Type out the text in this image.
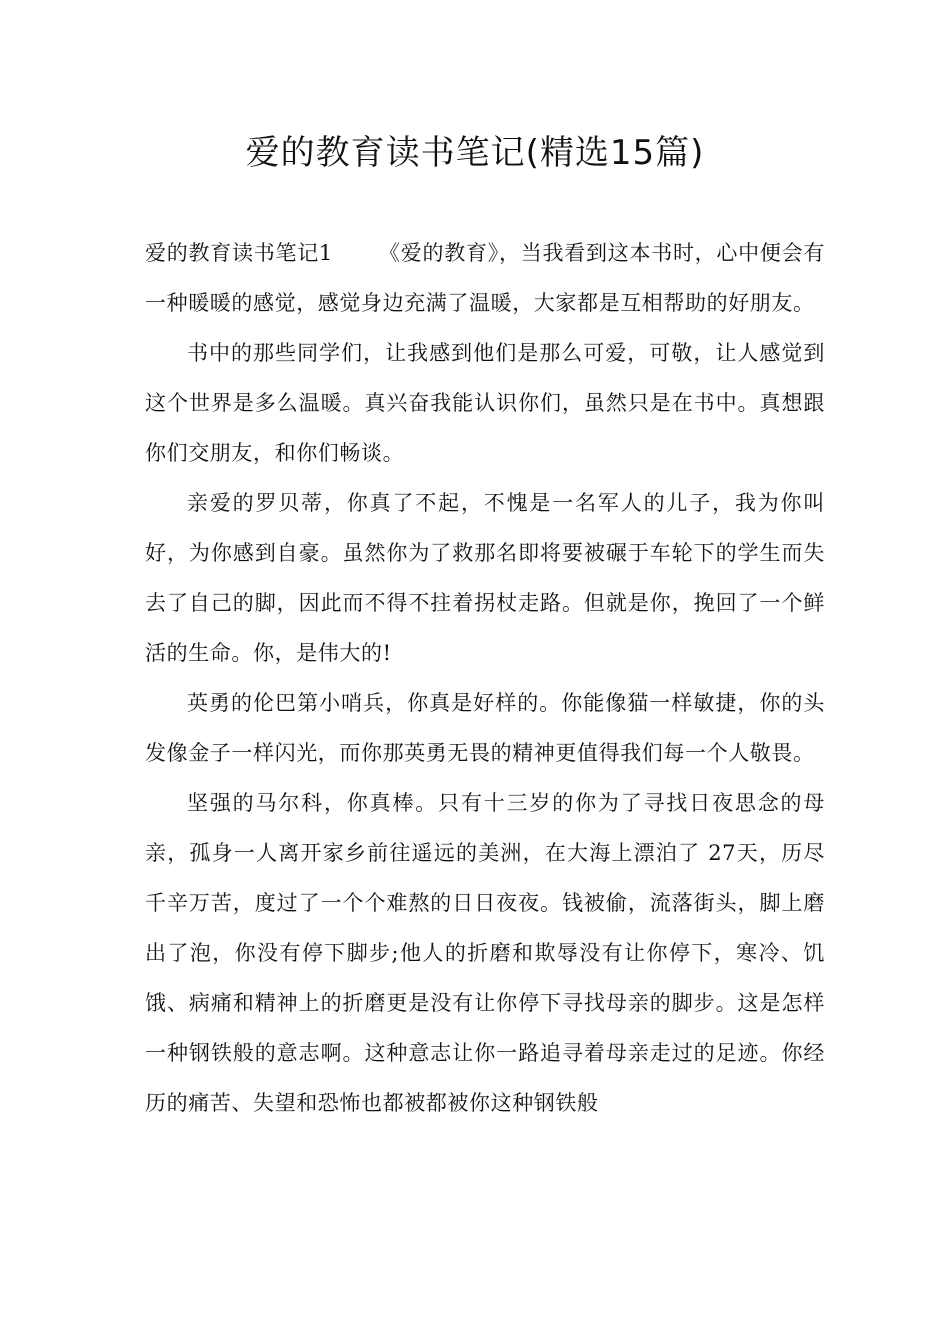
爱的教育读书笔记(精选15篇)

爱的教育读书笔记1 《爱的教育》，当我看到这本书时，心中便会有一种暖暖的感觉，感觉身边充满了温暖，大家都是互相帮助的好朋友。

书中的那些同学们，让我感到他们是那么可爱，可敬，让人感觉到这个世界是多么温暖。真兴奋我能认识你们，虽然只是在书中。真想跟你们交朋友，和你们畅谈。

亲爱的罗贝蒂，你真了不起，不愧是一名军人的儿子，我为你叫好，为你感到自豪。虽然你为了救那名即将要被碾于车轮下的学生而失去了自己的脚，因此而不得不拄着拐杖走路。但就是你，挽回了一个鲜活的生命。你，是伟大的!

英勇的伦巴第小哨兵，你真是好样的。你能像猫一样敏捷，你的头发像金子一样闪光，而你那英勇无畏的精神更值得我们每一个人敬畏。

坚强的马尔科，你真棒。只有十三岁的你为了寻找日夜思念的母亲，孤身一人离开家乡前往遥远的美洲，在大海上漂泊了 27天，历尽千辛万苦，度过了一个个难熬的日日夜夜。钱被偷，流落街头，脚上磨出了泡，你没有停下脚步;他人的折磨和欺辱没有让你停下，寒冷、饥饿、病痛和精神上的折磨更是没有让你停下寻找母亲的脚步。这是怎样一种钢铁般的意志啊。这种意志让你一路追寻着母亲走过的足迹。你经历的痛苦、失望和恐怖也都被都被你这种钢铁般
